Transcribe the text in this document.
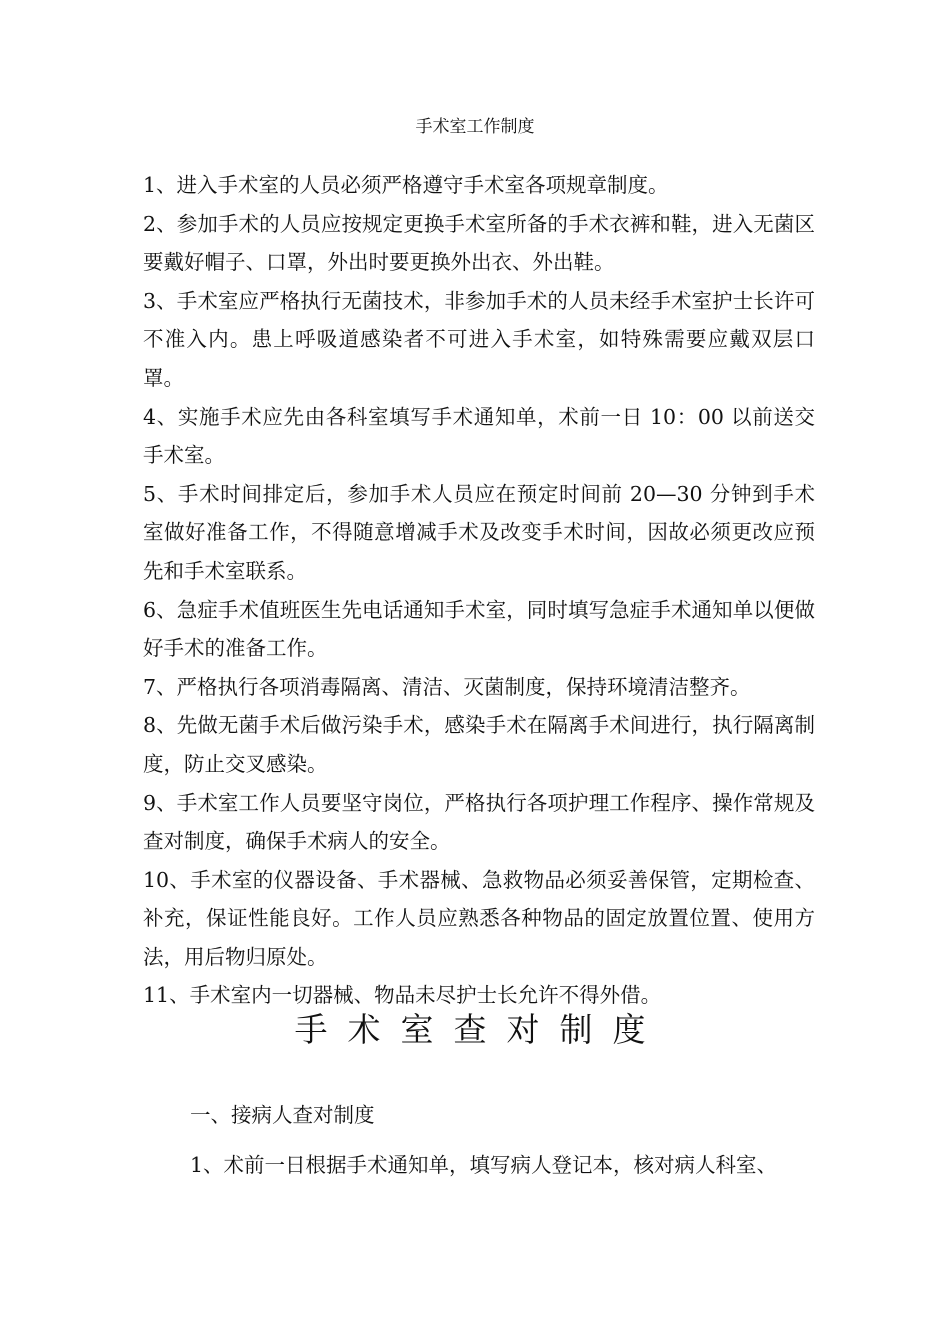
手术室工作制度

1、进入手术室的人员必须严格遵守手术室各项规章制度。

2、参加手术的人员应按规定更换手术室所备的手术衣裤和鞋，进入无菌区要戴好帽子、口罩，外出时要更换外出衣、外出鞋。

3、手术室应严格执行无菌技术，非参加手术的人员未经手术室护士长许可不准入内。患上呼吸道感染者不可进入手术室，如特殊需要应戴双层口罩。

4、实施手术应先由各科室填写手术通知单，术前一日 10：00 以前送交手术室。

5、手术时间排定后，参加手术人员应在预定时间前 20—30 分钟到手术室做好准备工作，不得随意增减手术及改变手术时间，因故必须更改应预先和手术室联系。

6、急症手术值班医生先电话通知手术室，同时填写急症手术通知单以便做好手术的准备工作。

7、严格执行各项消毒隔离、清洁、灭菌制度，保持环境清洁整齐。

8、先做无菌手术后做污染手术，感染手术在隔离手术间进行，执行隔离制度，防止交叉感染。

9、手术室工作人员要坚守岗位，严格执行各项护理工作程序、操作常规及查对制度，确保手术病人的安全。

10、手术室的仪器设备、手术器械、急救物品必须妥善保管，定期检查、补充，保证性能良好。工作人员应熟悉各种物品的固定放置位置、使用方法，用后物归原处。

11、手术室内一切器械、物品未尽护士长允许不得外借。

手术室查对制度
一、接病人查对制度
1、术前一日根据手术通知单，填写病人登记本，核对病人科室、
